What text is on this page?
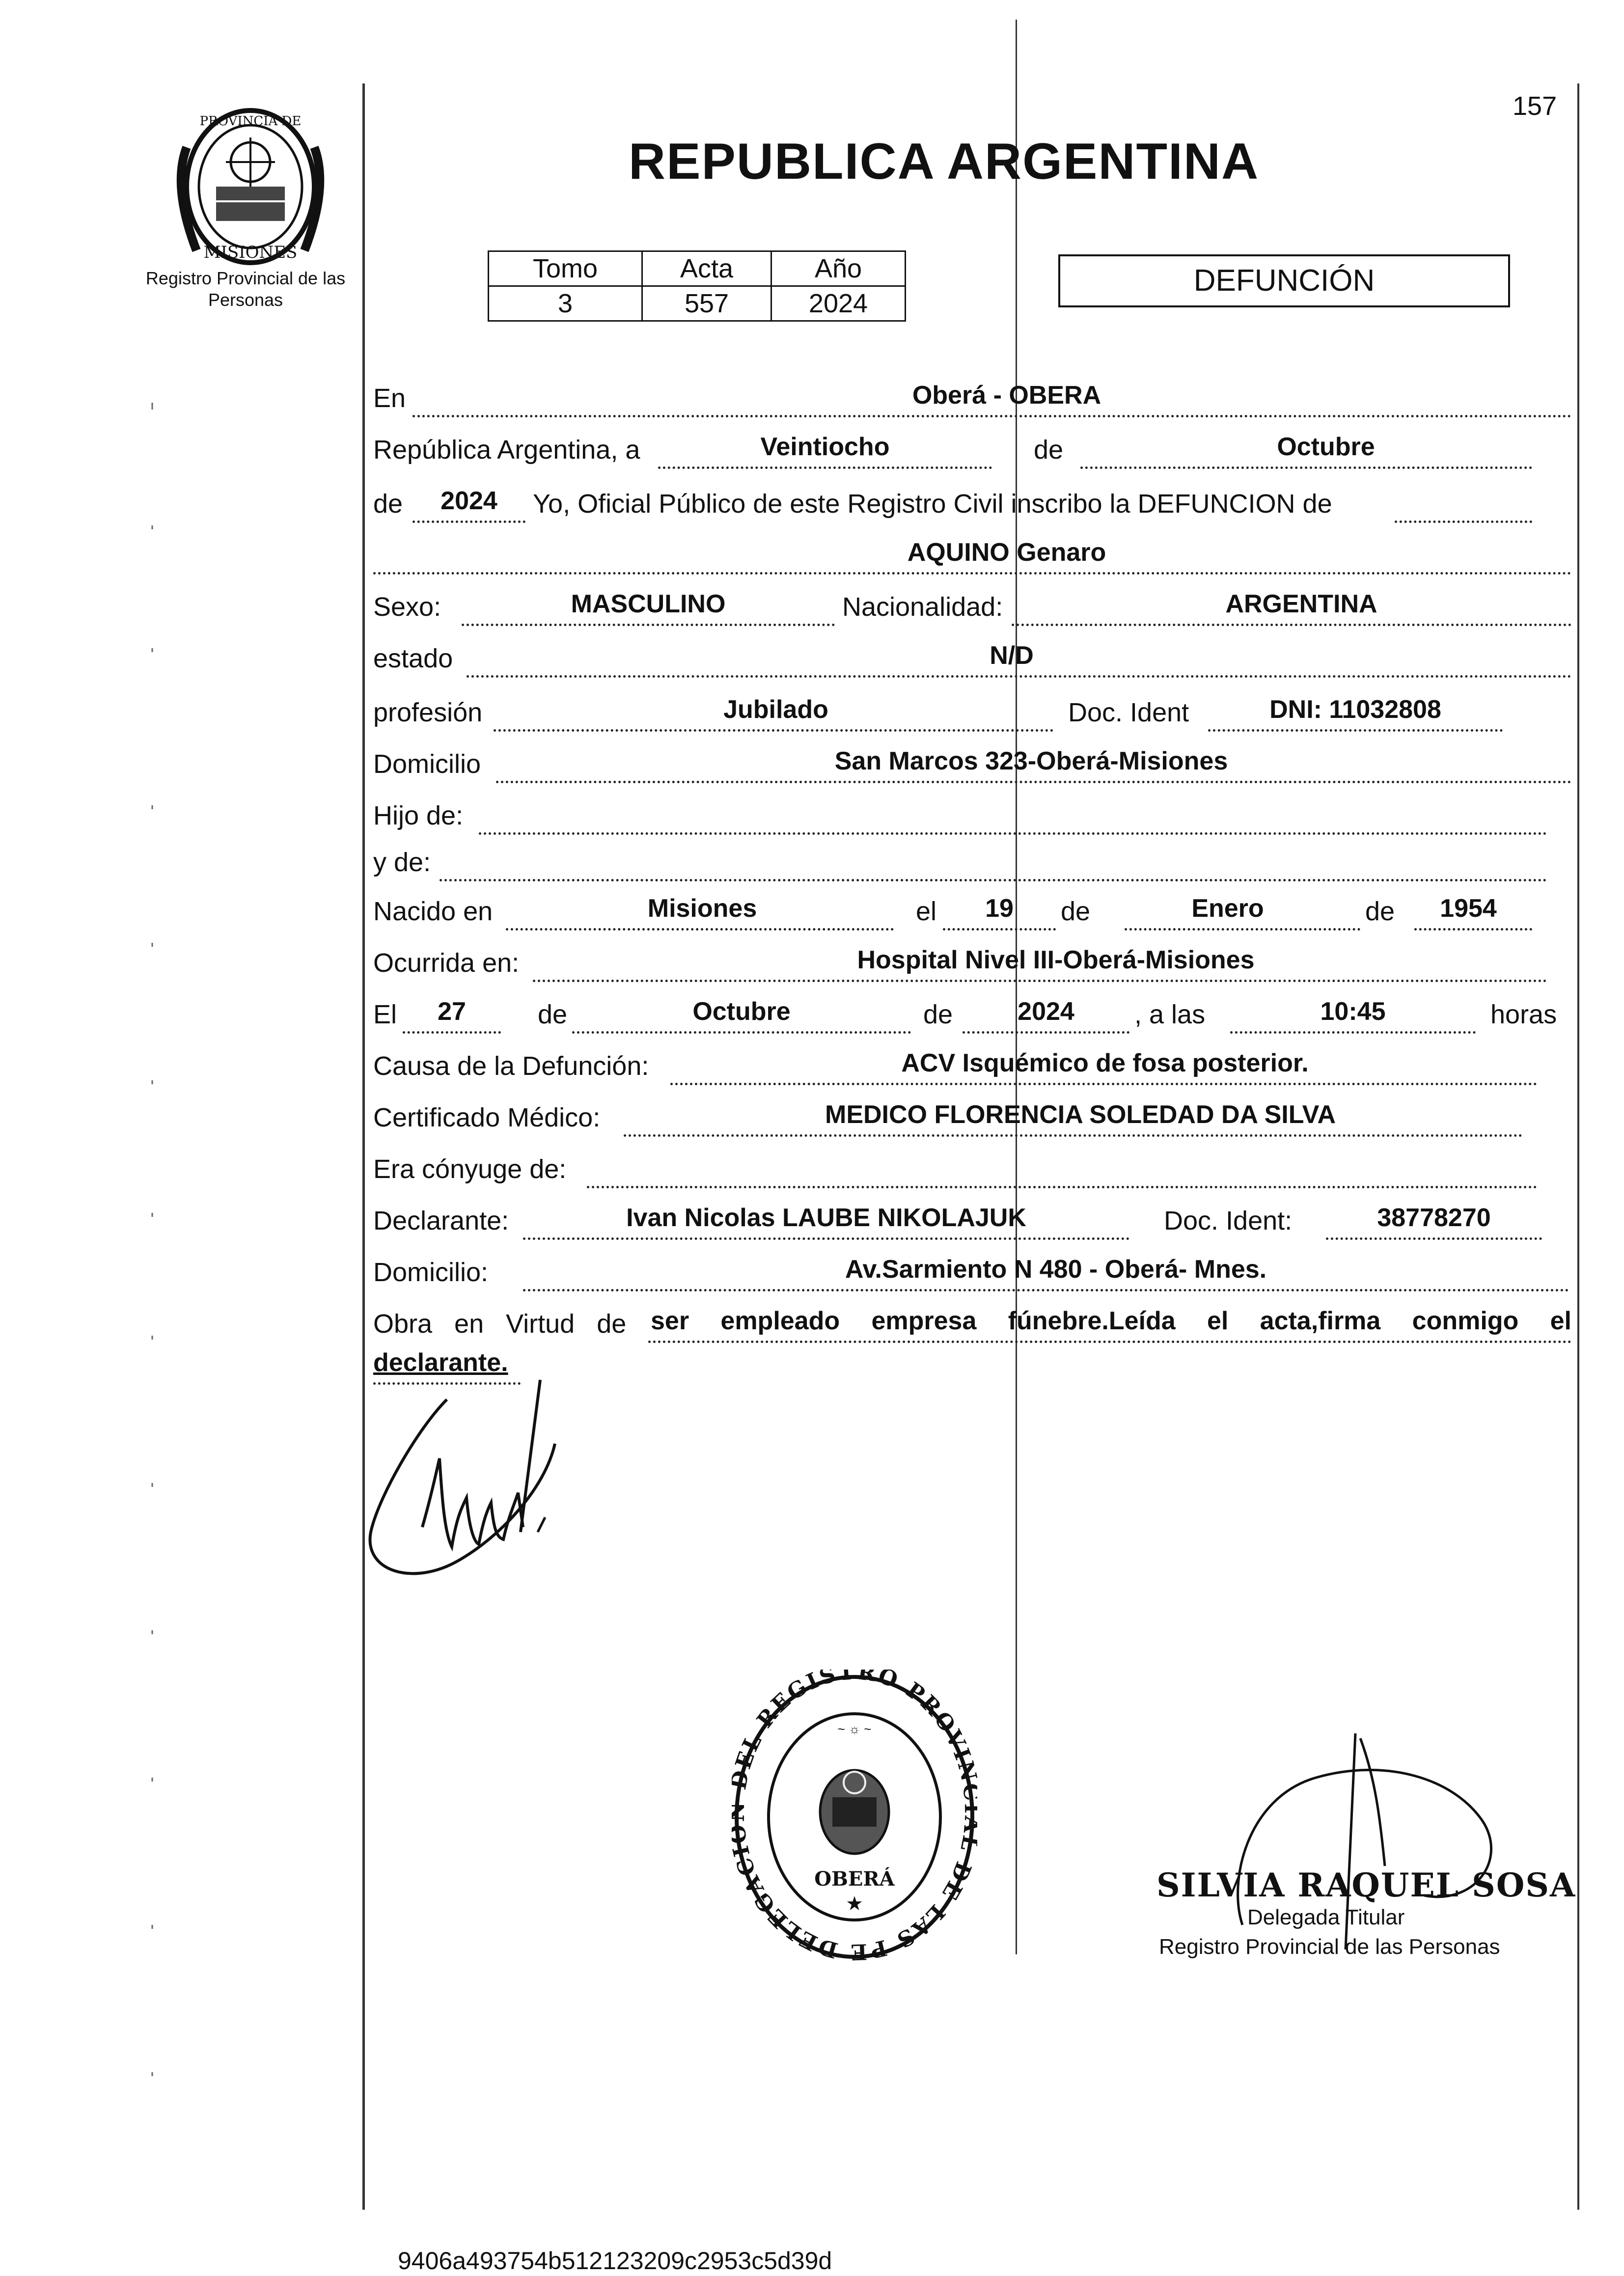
157
PROVINCIA DE
MISIONES
Registro Provincial de las Personas
REPUBLICA ARGENTINA
Tomo	Acta	Año
3	557	2024
DEFUNCIÓN
En	Oberá - OBERA
República Argentina, a	Veintiocho	de	Octubre
de	2024	Yo, Oficial Público de este Registro Civil inscribo la DEFUNCION de
AQUINO Genaro
Sexo:	MASCULINO	Nacionalidad:	ARGENTINA
estado	N/D
profesión	Jubilado	Doc. Ident	DNI: 11032808
Domicilio	San Marcos 323-Oberá-Misiones
Hijo de:
y de:
Nacido en	Misiones	el	19	de	Enero	de	1954
Ocurrida en:	Hospital Nivel III-Oberá-Misiones
El	27	de	Octubre	de	2024	, a las	10:45	horas
Causa de la Defunción:	ACV Isquémico de fosa posterior.
Certificado Médico:	MEDICO FLORENCIA SOLEDAD DA SILVA
Era cónyuge de:
Declarante:	Ivan Nicolas LAUBE NIKOLAJUK	Doc. Ident:	38778270
Domicilio:	Av.Sarmiento N 480 - Oberá- Mnes.
Obra en Virtud de ser empleado empresa fúnebre.Leída el acta,firma conmigo el
declarante.
DELEGAC EL REGISTRO PROVI DE LAS PE
~ ☼ ~
OBERÁ
★	SILVIA RAQUEL SOSA
Delegada Titular
Registro Provincial de las Personas
9406a493754b512123209c2953c5d39d
